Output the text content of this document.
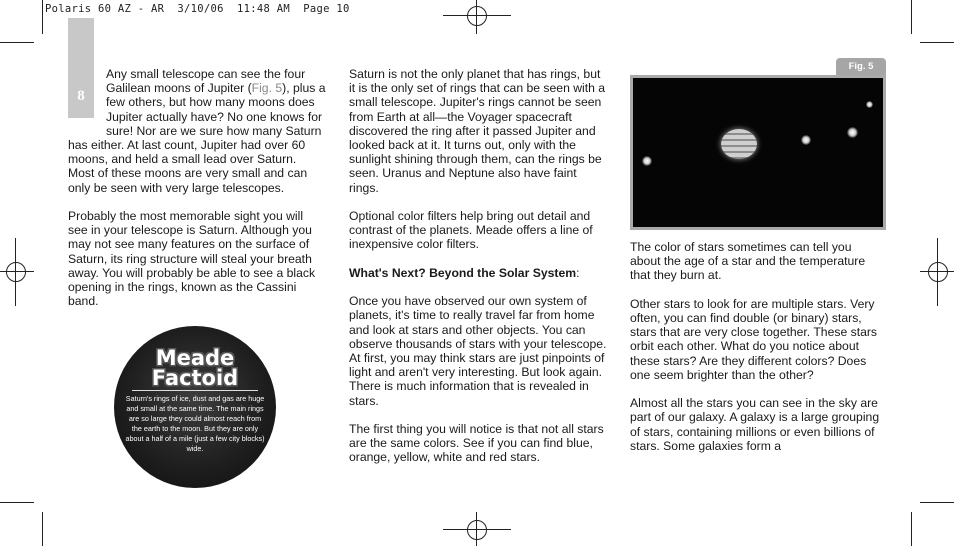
Polaris 60 AZ - AR  3/10/06  11:48 AM  Page 10
8

Any small telescope can see the four Galilean moons of Jupiter (Fig. 5), plus a few others, but how many moons does Jupiter actually have? No one knows for sure! Nor are we sure how many Saturn has either. At last count, Jupiter had over 60 moons, and held a small lead over Saturn. Most of these moons are very small and can only be seen with very large telescopes.

Probably the most memorable sight you will see in your telescope is Saturn. Although you may not see many features on the surface of Saturn, its ring structure will steal your breath away. You will probably be able to see a black opening in the rings, known as the Cassini band.

Meade
Factoid
Saturn's rings of ice, dust and gas are huge and small at the same time. The main rings are so large they could almost reach from the earth to the moon. But they are only about a half of a mile (just a few city blocks) wide.

Saturn is not the only planet that has rings, but it is the only set of rings that can be seen with a small telescope. Jupiter's rings cannot be seen from Earth at all—the Voyager spacecraft discovered the ring after it passed Jupiter and looked back at it. It turns out, only with the sunlight shining through them, can the rings be seen. Uranus and Neptune also have faint rings.

Optional color filters help bring out detail and contrast of the planets. Meade offers a line of inexpensive color filters.

What's Next? Beyond the Solar System:

Once you have observed our own system of planets, it's time to really travel far from home and look at stars and other objects. You can observe thousands of stars with your telescope. At first, you may think stars are just pinpoints of light and aren't very interesting. But look again. There is much information that is revealed in stars.

The first thing you will notice is that not all stars are the same colors. See if you can find blue, orange, yellow, white and red stars.

Fig. 5

The color of stars sometimes can tell you about the age of a star and the temperature that they burn at.

Other stars to look for are multiple stars. Very often, you can find double (or binary) stars, stars that are very close together. These stars orbit each other. What do you notice about these stars? Are they different colors? Does one seem brighter than the other?

Almost all the stars you can see in the sky are part of our galaxy. A galaxy is a large grouping of stars, containing millions or even billions of stars. Some galaxies form a
